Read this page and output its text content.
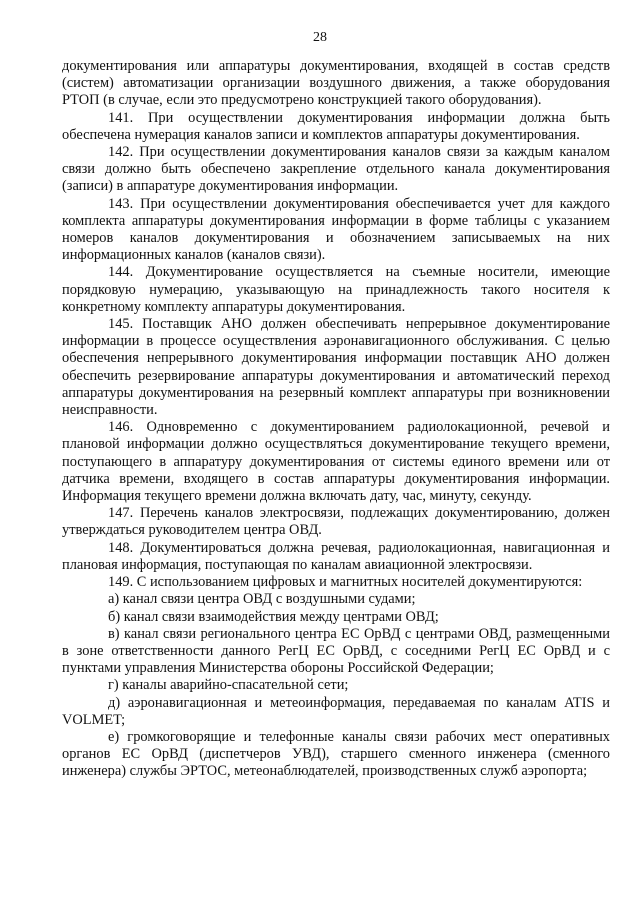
28

документирования или аппаратуры документирования, входящей в состав средств (систем) автоматизации организации воздушного движения, а также оборудования РТОП (в случае, если это предусмотрено конструкцией такого оборудования).

141. При осуществлении документирования информации должна быть обеспечена нумерация каналов записи и комплектов аппаратуры документирования.

142. При осуществлении документирования каналов связи за каждым каналом связи должно быть обеспечено закрепление отдельного канала документирования (записи) в аппаратуре документирования информации.

143. При осуществлении документирования обеспечивается учет для каждого комплекта аппаратуры документирования информации в форме таблицы с указанием номеров каналов документирования и обозначением записываемых на них информационных каналов (каналов связи).

144. Документирование осуществляется на съемные носители, имеющие порядковую нумерацию, указывающую на принадлежность такого носителя к конкретному комплекту аппаратуры документирования.

145. Поставщик АНО должен обеспечивать непрерывное документирование информации в процессе осуществления аэронавигационного обслуживания. С целью обеспечения непрерывного документирования информации поставщик АНО должен обеспечить резервирование аппаратуры документирования и автоматический переход аппаратуры документирования на резервный комплект аппаратуры при возникновении неисправности.

146. Одновременно с документированием радиолокационной, речевой и плановой информации должно осуществляться документирование текущего времени, поступающего в аппаратуру документирования от системы единого времени или от датчика времени, входящего в состав аппаратуры документирования информации. Информация текущего времени должна включать дату, час, минуту, секунду.

147. Перечень каналов электросвязи, подлежащих документированию, должен утверждаться руководителем центра ОВД.

148. Документироваться должна речевая, радиолокационная, навигационная и плановая информация, поступающая по каналам авиационной электросвязи.

149. С использованием цифровых и магнитных носителей документируются:

а) канал связи центра ОВД с воздушными судами;

б) канал связи взаимодействия между центрами ОВД;

в) канал связи регионального центра ЕС ОрВД с центрами ОВД, размещенными в зоне ответственности данного РегЦ ЕС ОрВД, с соседними РегЦ ЕС ОрВД и с пунктами управления Министерства обороны Российской Федерации;

г) каналы аварийно-спасательной сети;

д) аэронавигационная и метеоинформация, передаваемая по каналам ATIS и VOLMET;

е) громкоговорящие и телефонные каналы связи рабочих мест оперативных органов ЕС ОрВД (диспетчеров УВД), старшего сменного инженера (сменного инженера) службы ЭРТОС, метеонаблюдателей, производственных служб аэропорта;
